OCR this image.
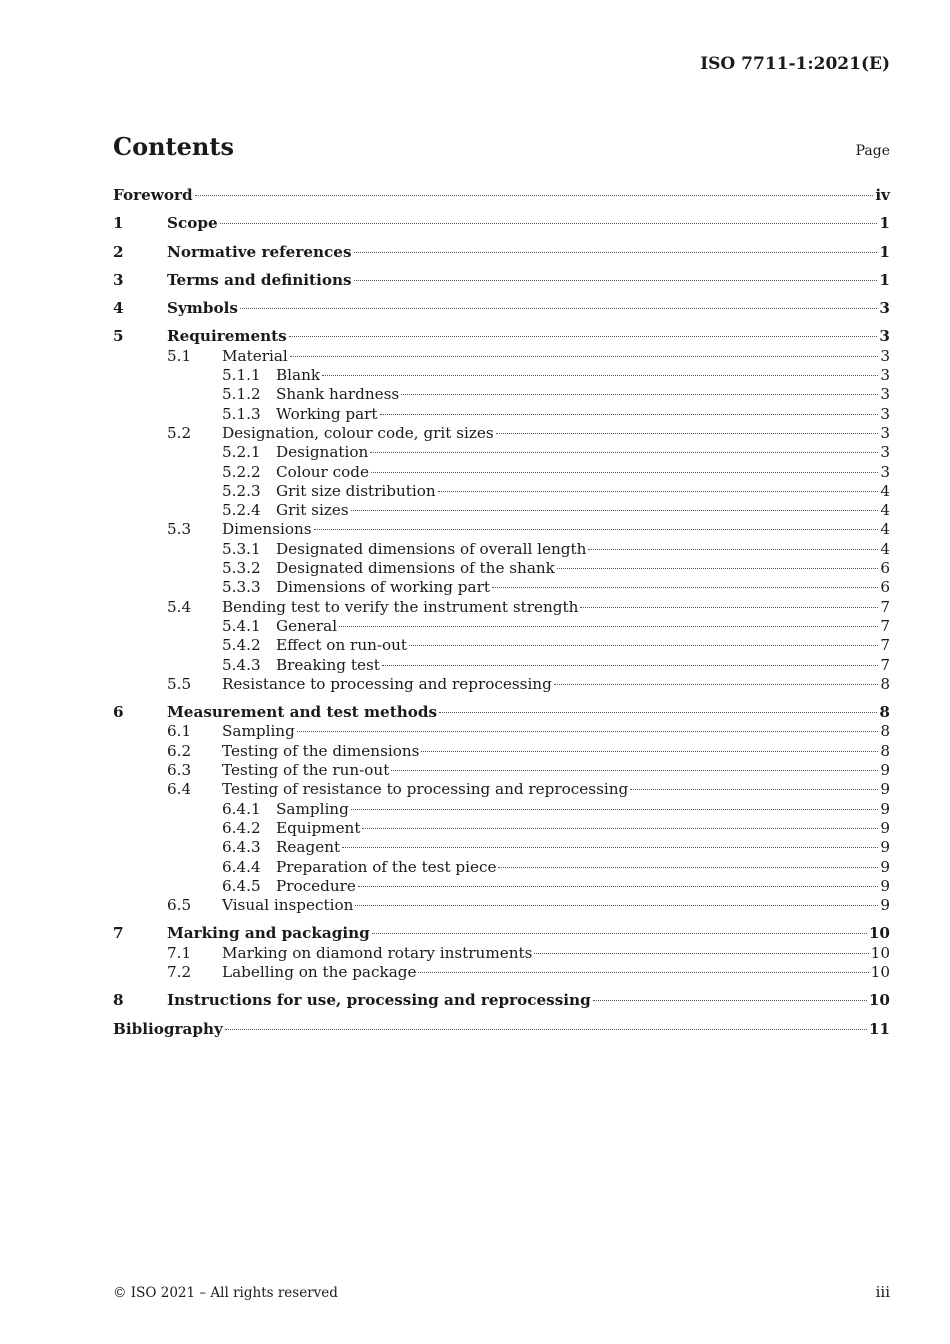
ISO 7711-1:2021(E)
Contents	Page
Foreword	iv
1	Scope	1
2	Normative references	1
3	Terms and definitions	1
4	Symbols	3
5	Requirements	3
5.1	Material	3
5.1.1	Blank	3
5.1.2	Shank hardness	3
5.1.3	Working part	3
5.2	Designation, colour code, grit sizes	3
5.2.1	Designation	3
5.2.2	Colour code	3
5.2.3	Grit size distribution	4
5.2.4	Grit sizes	4
5.3	Dimensions	4
5.3.1	Designated dimensions of overall length	4
5.3.2	Designated dimensions of the shank	6
5.3.3	Dimensions of working part	6
5.4	Bending test to verify the instrument strength	7
5.4.1	General	7
5.4.2	Effect on run-out	7
5.4.3	Breaking test	7
5.5	Resistance to processing and reprocessing	8
6	Measurement and test methods	8
6.1	Sampling	8
6.2	Testing of the dimensions	8
6.3	Testing of the run-out	9
6.4	Testing of resistance to processing and reprocessing	9
6.4.1	Sampling	9
6.4.2	Equipment	9
6.4.3	Reagent	9
6.4.4	Preparation of the test piece	9
6.4.5	Procedure	9
6.5	Visual inspection	9
7	Marking and packaging	10
7.1	Marking on diamond rotary instruments	10
7.2	Labelling on the package	10
8	Instructions for use, processing and reprocessing	10
Bibliography	11
© ISO 2021 – All rights reserved	iii
